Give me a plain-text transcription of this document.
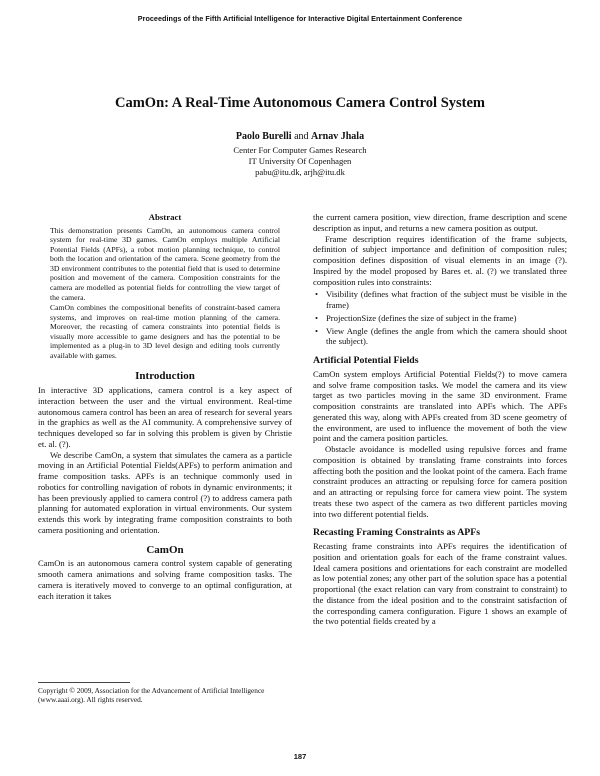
Proceedings of the Fifth Artificial Intelligence for Interactive Digital Entertainment Conference
CamOn: A Real-Time Autonomous Camera Control System
Paolo Burelli and Arnav Jhala
Center For Computer Games Research
IT University Of Copenhagen
pabu@itu.dk, arjh@itu.dk

Abstract

This demonstration presents CamOn, an autonomous camera control system for real-time 3D games. CamOn employs multiple Artificial Potential Fields (APFs), a robot motion planning technique, to control both the location and orientation of the camera. Scene geometry from the 3D environment contributes to the potential field that is used to determine position and movement of the camera. Composition constraints for the camera are modelled as potential fields for controlling the view target of the camera.

CamOn combines the compositional benefits of constraint-based camera systems, and improves on real-time motion planning of the camera. Moreover, the recasting of camera constraints into potential fields is visually more accessible to game designers and has the potential to be implemented as a plug-in to 3D level design and editing tools currently available with games.

Introduction

In interactive 3D applications, camera control is a key aspect of interaction between the user and the virtual environment. Real-time autonomous camera control has been an area of research for several years in the graphics as well as the AI community. A comprehensive survey of techniques developed so far in solving this problem is given by Christie et. al. (?).

We describe CamOn, a system that simulates the camera as a particle moving in an Artificial Potential Fields(APFs) to perform animation and frame composition tasks. APFs is an technique commonly used in robotics for controlling navigation of robots in dynamic environments; it has been previously applied to camera control (?) to address camera path planning for automated exploration in virtual environments. Our system extends this work by integrating frame composition constraints to both camera positioning and orientation.

CamOn

CamOn is an autonomous camera control system capable of generating smooth camera animations and solving frame composition tasks. The camera is iteratively moved to converge to an optimal configuration, at each iteration it takes

Copyright © 2009, Association for the Advancement of Artificial Intelligence (www.aaai.org). All rights reserved.

the current camera position, view direction, frame description and scene description as input, and returns a new camera position as output.

Frame description requires identification of the frame subjects, definition of subject importance and definition of composition rules; composition defines disposition of visual elements in an image (?). Inspired by the model proposed by Bares et. al. (?) we translated three composition rules into constraints:

• Visibility (defines what fraction of the subject must be visible in the frame)
• ProjectionSize (defines the size of subject in the frame)
• View Angle (defines the angle from which the camera should shoot the subject).

Artificial Potential Fields

CamOn system employs Artificial Potential Fields(?) to move camera and solve frame composition tasks. We model the camera and its view target as two particles moving in the same 3D environment. Frame composition constraints are translated into APFs which. The APFs generated this way, along with APFs created from 3D scene geometry of the environment, are used to influence the movement of both the view point and the camera position particles.

Obstacle avoidance is modelled using repulsive forces and frame composition is obtained by translating frame constraints into forces affecting both the position and the lookat point of the camera. Each frame constraint produces an attracting or repulsing force for camera position and an attracting or repulsing force for camera view point. The system treats these two aspect of the camera as two different particles moving into two different potential fields.

Recasting Framing Constraints as APFs

Recasting frame constraints into APFs requires the identification of position and orientation goals for each of the frame constraint values. Ideal camera positions and orientations for each constraint are modelled as low potential zones; any other part of the solution space has a potential proportional (the exact relation can vary from constraint to constraint) to the distance from the ideal position and to the constraint satisfaction of the corresponding camera configuration. Figure 1 shows an example of the two potential fields created by a

187
